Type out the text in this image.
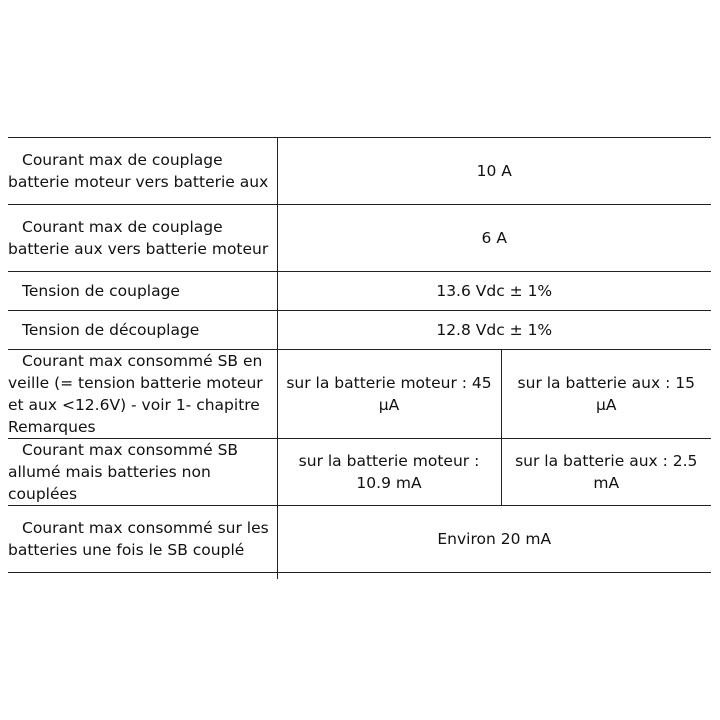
Courant max de couplage batterie moteur vers batterie aux	10 A	

Courant max de couplage batterie aux vers batterie moteur	6 A	

Tension de couplage	13.6 Vdc ± 1%	

Tension de découplage	12.8 Vdc ± 1%	

Courant max consommé SB en veille (= tension batterie moteur et aux <12.6V) - voir 1- chapitre Remarques	sur la batterie moteur : 45 µA	sur la batterie aux : 15 µA

Courant max consommé SB allumé mais batteries non couplées	sur la batterie moteur : 10.9 mA	sur la batterie aux : 2.5 mA

Courant max consommé sur les batteries une fois le SB couplé	Environ 20 mA	
